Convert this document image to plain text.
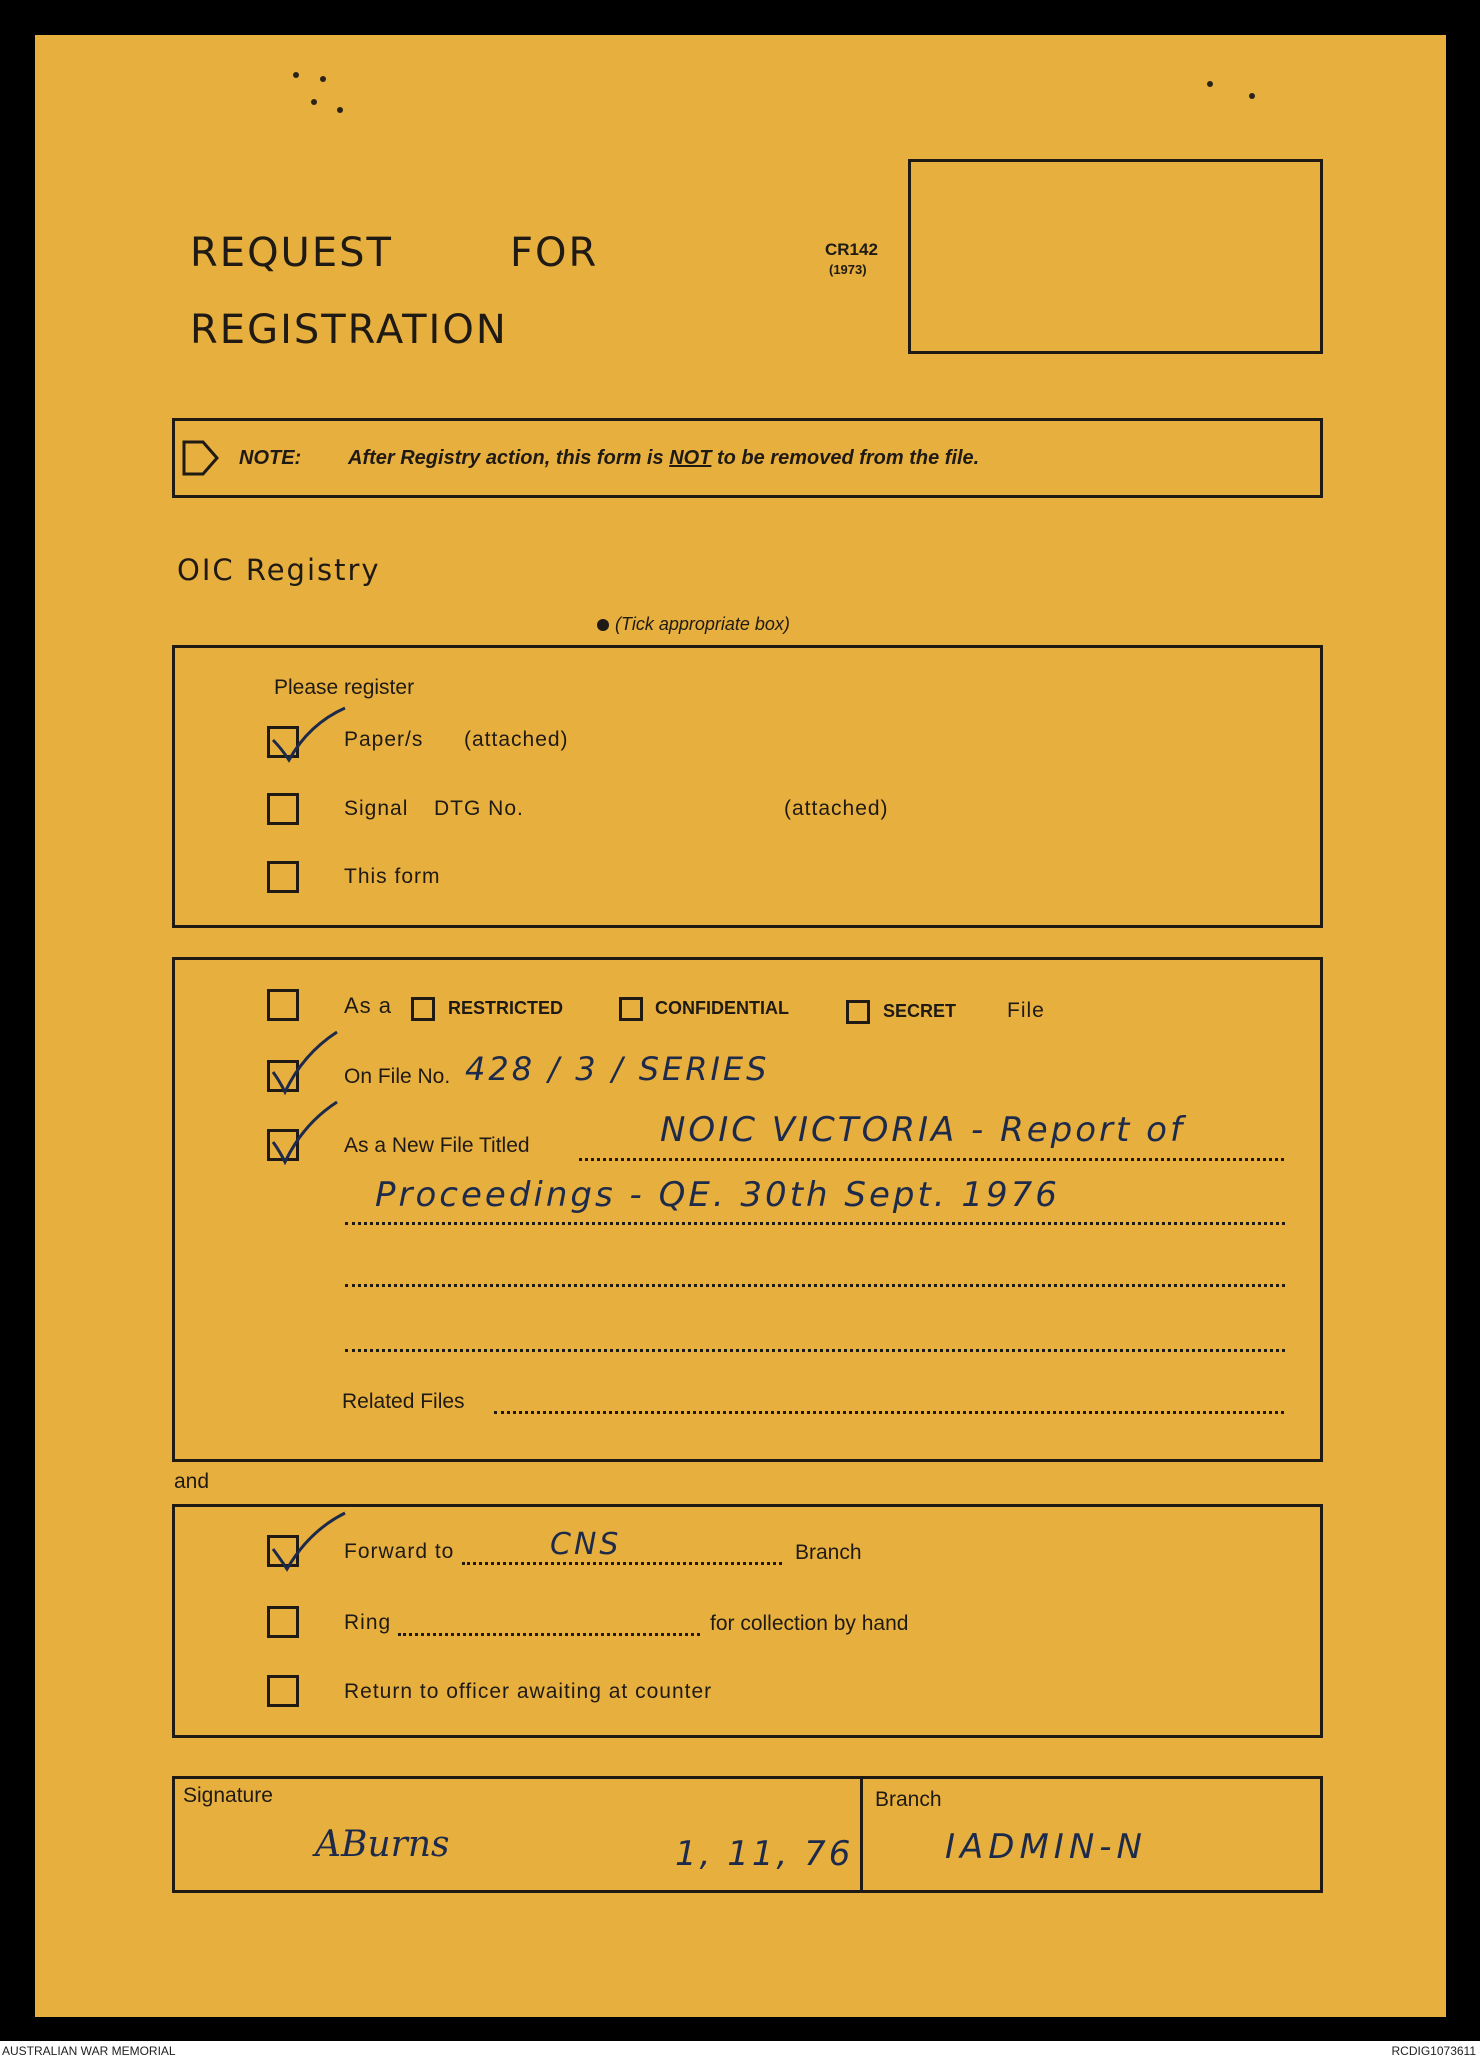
REQUEST	FOR
REGISTRATION
CR142
(1973)
NOTE: After Registry action, this form is NOT to be removed from the file.
OIC Registry
(Tick appropriate box)
Please register
Paper/s (attached)
Signal DTG No.	(attached)
This form
As a	RESTRICTED	CONFIDENTIAL	SECRET File
On File No. 428 / 3 / SERIES
As a New File Titled	NOIC VICTORIA - Report of
Proceedings - QE. 30th Sept. 1976
Related Files
and
Forward to	CNS	Branch
Ring	for collection by hand
Return to officer awaiting at counter
Signature
ABurns	1, 11, 76
Branch
IADMIN-N
AUSTRALIAN WAR MEMORIAL	RCDIG1073611
